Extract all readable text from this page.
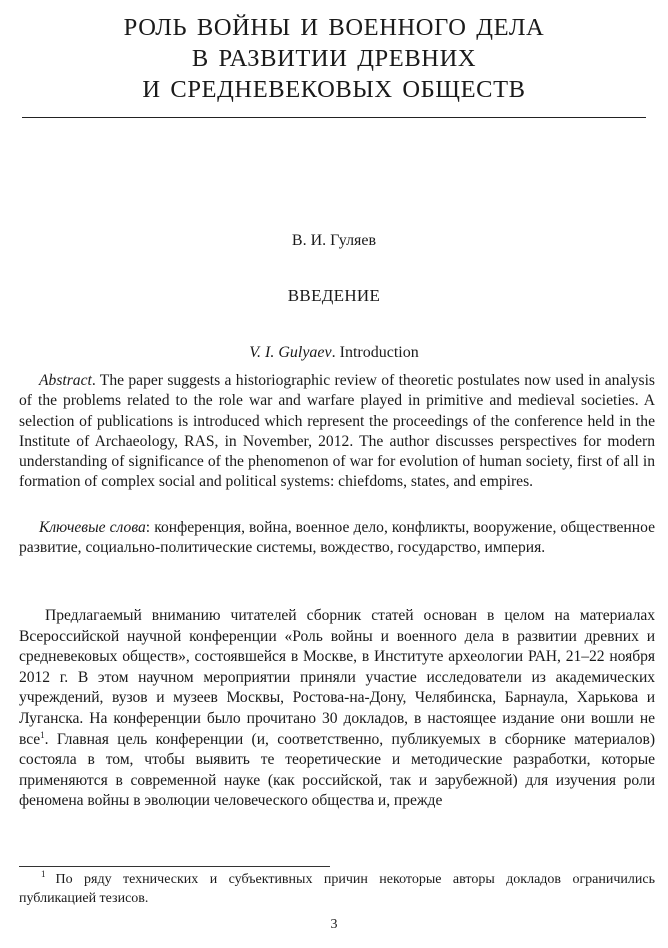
РОЛЬ ВОЙНЫ И ВОЕННОГО ДЕЛА
В РАЗВИТИИ ДРЕВНИХ
И СРЕДНЕВЕКОВЫХ ОБЩЕСТВ
В. И. Гуляев
ВВЕДЕНИЕ
V. I. Gulyaev. Introduction

Abstract. The paper suggests a historiographic review of theoretic postulates now used in analysis of the problems related to the role war and warfare played in primitive and medieval societies. A selection of publications is introduced which represent the proceedings of the conference held in the Institute of Archaeology, RAS, in November, 2012. The author discusses perspectives for modern understanding of significance of the phenomenon of war for evolution of human society, first of all in formation of complex social and political systems: chiefdoms, states, and empires.

Ключевые слова: конференция, война, военное дело, конфликты, вооружение, общественное развитие, социально-политические системы, вождество, государство, империя.

Предлагаемый вниманию читателей сборник статей основан в целом на материалах Всероссийской научной конференции «Роль войны и военного дела в развитии древних и средневековых обществ», состоявшейся в Москве, в Институте археологии РАН, 21–22 ноября 2012 г. В этом научном мероприятии приняли участие исследователи из академических учреждений, вузов и музеев Москвы, Ростова-на-Дону, Челябинска, Барнаула, Харькова и Луганска. На конференции было прочитано 30 докладов, в настоящее издание они вошли не все$^1$. Главная цель конференции (и, соответственно, публикуемых в сборнике материалов) состояла в том, чтобы выявить те теоретические и методические разработки, которые применяются в современной науке (как российской, так и зарубежной) для изучения роли феномена войны в эволюции человеческого общества и, прежде

$^1$ По ряду технических и субъективных причин некоторые авторы докладов ограничились публикацией тезисов.

3
